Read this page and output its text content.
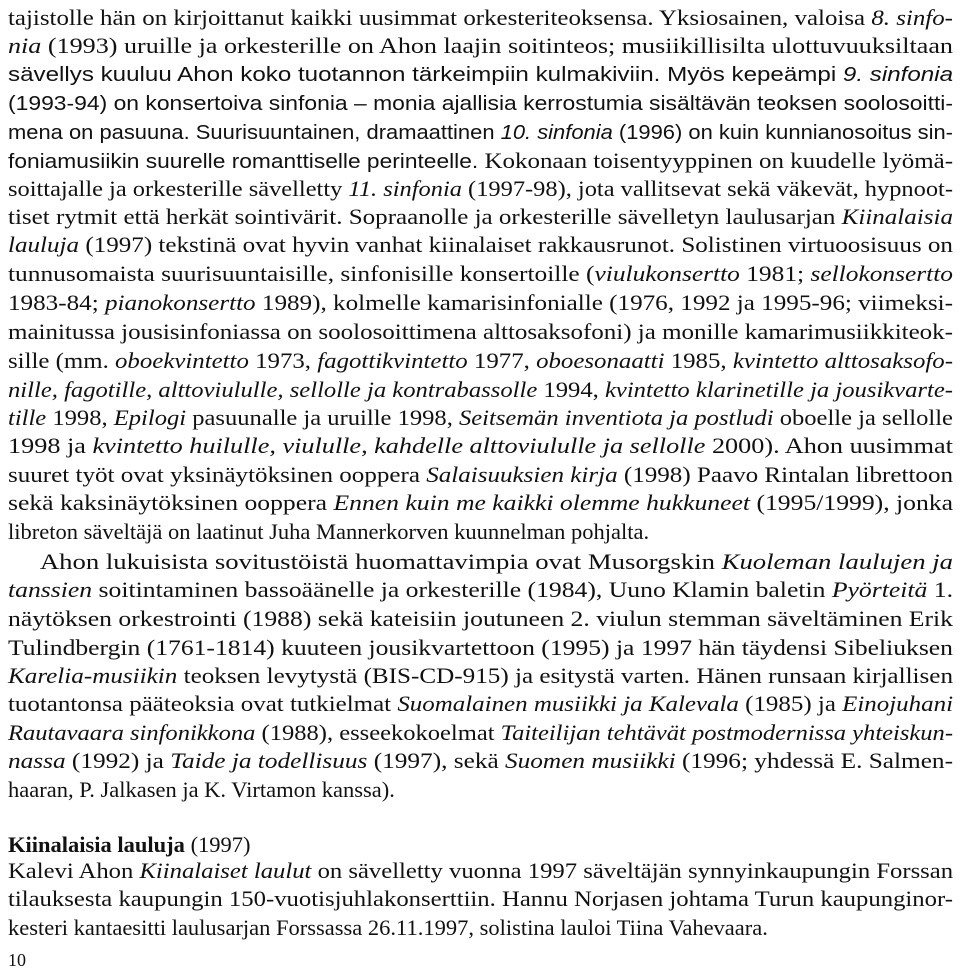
tajistolle hän on kirjoittanut kaikki uusimmat orkesteriteoksensa. Yksiosainen, valoisa 8. sinfo-
nia (1993) uruille ja orkesterille on Ahon laajin soitinteos; musiikillisilta ulottuvuuksiltaan
sävellys kuuluu Ahon koko tuotannon tärkeimpiin kulmakiviin. Myös kepeämpi 9. sinfonia
(1993-94) on konsertoiva sinfonia – monia ajallisia kerrostumia sisältävän teoksen soolosoitti-
mena on pasuuna. Suurisuuntainen, dramaattinen 10. sinfonia (1996) on kuin kunnianosoitus sin-
foniamusiikin suurelle romanttiselle perinteelle. Kokonaan toisentyyppinen on kuudelle lyömä-
soittajalle ja orkesterille sävelletty 11. sinfonia (1997-98), jota vallitsevat sekä väkevät, hypnoot-
tiset rytmit että herkät sointivärit. Sopraanolle ja orkesterille sävelletyn laulusarjan Kiinalaisia
lauluja (1997) tekstinä ovat hyvin vanhat kiinalaiset rakkausrunot. Solistinen virtuoosisuus on
tunnusomaista suurisuuntaisille, sinfonisille konsertoille (viulukonsertto 1981; sellokonsertto
1983-84; pianokonsertto 1989), kolmelle kamarisinfonialle (1976, 1992 ja 1995-96; viimeksi-
mainitussa jousisinfoniassa on soolosoittimena alttosaksofoni) ja monille kamarimusiikkiteok-
sille (mm. oboekvintetto 1973, fagottikvintetto 1977, oboesonaatti 1985, kvintetto alttosaksofo-
nille, fagotille, alttoviululle, sellolle ja kontrabassolle 1994, kvintetto klarinetille ja jousikvarte-
tille 1998, Epilogi pasuunalle ja uruille 1998, Seitsemän inventiota ja postludi oboelle ja sellolle
1998 ja kvintetto huilulle, viululle, kahdelle alttoviululle ja sellolle 2000). Ahon uusimmat
suuret työt ovat yksinäytöksinen ooppera Salaisuuksien kirja (1998) Paavo Rintalan librettoon
sekä kaksinäytöksinen ooppera Ennen kuin me kaikki olemme hukkuneet (1995/1999), jonka
libreton säveltäjä on laatinut Juha Mannerkorven kuunnelman pohjalta.
Ahon lukuisista sovitustöistä huomattavimpia ovat Musorgskin Kuoleman laulujen ja
tanssien soitintaminen bassoäänelle ja orkesterille (1984), Uuno Klamin baletin Pyörteitä 1.
näytöksen orkestrointi (1988) sekä kateisiin joutuneen 2. viulun stemman säveltäminen Erik
Tulindbergin (1761-1814) kuuteen jousikvartettoon (1995) ja 1997 hän täydensi Sibeliuksen
Karelia-musiikin teoksen levytystä (BIS-CD-915) ja esitystä varten. Hänen runsaan kirjallisen
tuotantonsa pääteoksia ovat tutkielmat Suomalainen musiikki ja Kalevala (1985) ja Einojuhani
Rautavaara sinfonikkona (1988), esseekokoelmat Taiteilijan tehtävät postmodernissa yhteiskun-
nassa (1992) ja Taide ja todellisuus (1997), sekä Suomen musiikki (1996; yhdessä E. Salmen-
haaran, P. Jalkasen ja K. Virtamon kanssa).
Kiinalaisia lauluja (1997)
Kalevi Ahon Kiinalaiset laulut on sävelletty vuonna 1997 säveltäjän synnyinkaupungin Forssan
tilauksesta kaupungin 150-vuotisjuhlakonserttiin. Hannu Norjasen johtama Turun kaupunginor-
kesteri kantaesitti laulusarjan Forssassa 26.11.1997, solistina lauloi Tiina Vahevaara.
10
